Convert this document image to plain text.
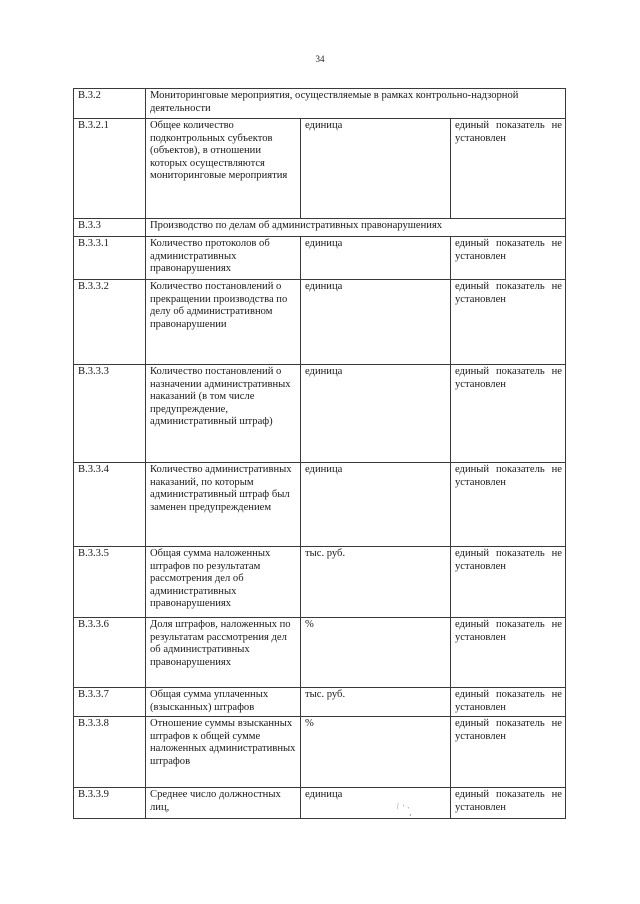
34
B.3.2	Мониторинговые мероприятия, осуществляемые в рамках контрольно-надзорной деятельности		
B.3.2.1	Общее количество подконтрольных субъектов (объектов), в отношении которых осуществляются мониторинговые мероприятия	единица	единый показатель не установлен
B.3.3	Производство по делам об административных правонарушениях		
B.3.3.1	Количество протоколов об административных правонарушениях	единица	единый показатель не установлен
B.3.3.2	Количество постановлений о прекращении производства по делу об административном правонарушении	единица	единый показатель не установлен
B.3.3.3	Количество постановлений о назначении административных наказаний (в том числе предупреждение, административный штраф)	единица	единый показатель не установлен
B.3.3.4	Количество административных наказаний, по которым административный штраф был заменен предупреждением	единица	единый показатель не установлен
B.3.3.5	Общая сумма наложенных штрафов по результатам рассмотрения дел об административных правонарушениях	тыс. руб.	единый показатель не установлен
B.3.3.6	Доля штрафов, наложенных по результатам рассмотрения дел об административных правонарушениях	%	единый показатель не установлен
B.3.3.7	Общая сумма уплаченных (взысканных) штрафов	тыс. руб.	единый показатель не установлен
B.3.3.8	Отношение суммы взысканных штрафов к общей сумме наложенных административных штрафов	%	единый показатель не установлен
B.3.3.9	Среднее число должностных лиц,	единица	единый показатель не установлен
\ ` ` ,
